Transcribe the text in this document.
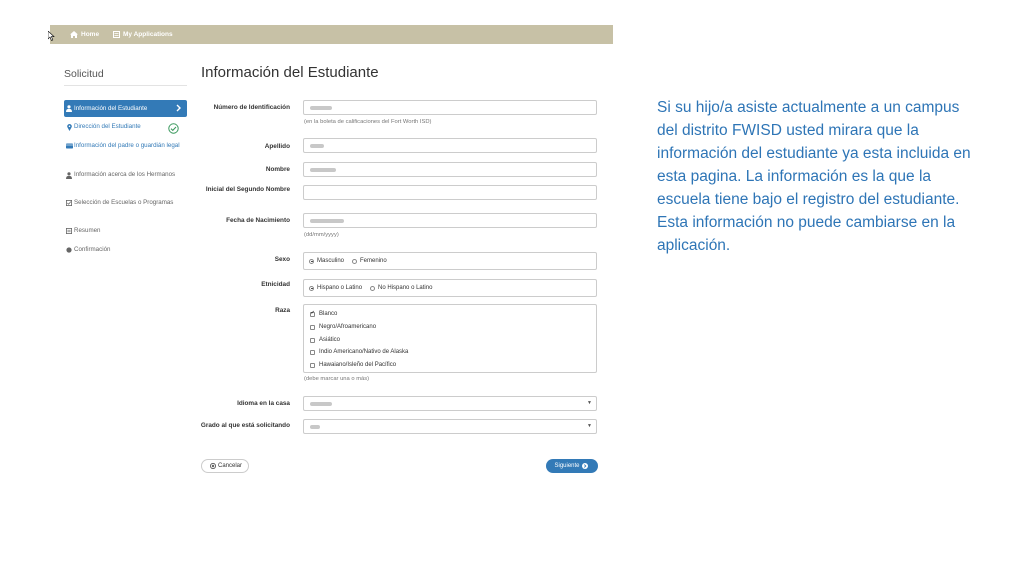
Home	My Applications
Solicitud
Información del Estudiante
Dirección del Estudiante
Información del padre o guardián legal
Información acerca de los Hermanos
Selección de Escuelas o Programas
Resumen
Confirmación
Información del Estudiante
Número de Identificación
(en la boleta de calificaciones del Fort Worth ISD)
Apellido
Nombre
Inicial del Segundo Nombre
Fecha de Nacimiento
(dd/mm/yyyy)
Sexo	Masculino	Femenino
Etnicidad	Hispano o Latino	No Hispano o Latino
Raza
✔	Blanco
Negro/Afroamericano
Asiático
Indio Americano/Nativo de Alaska
Hawaiano/Isleño del Pacífico
(debe marcar una o más)
Idioma en la casa	▼
Grado al que está solicitando	▼
Cancelar	Siguiente
Si su hijo/a asiste actualmente a un campus del distrito FWISD usted mirara que la información del estudiante ya esta incluida en esta pagina. La información es la que la escuela tiene bajo el registro del estudiante. Esta información no puede cambiarse en la aplicación.
